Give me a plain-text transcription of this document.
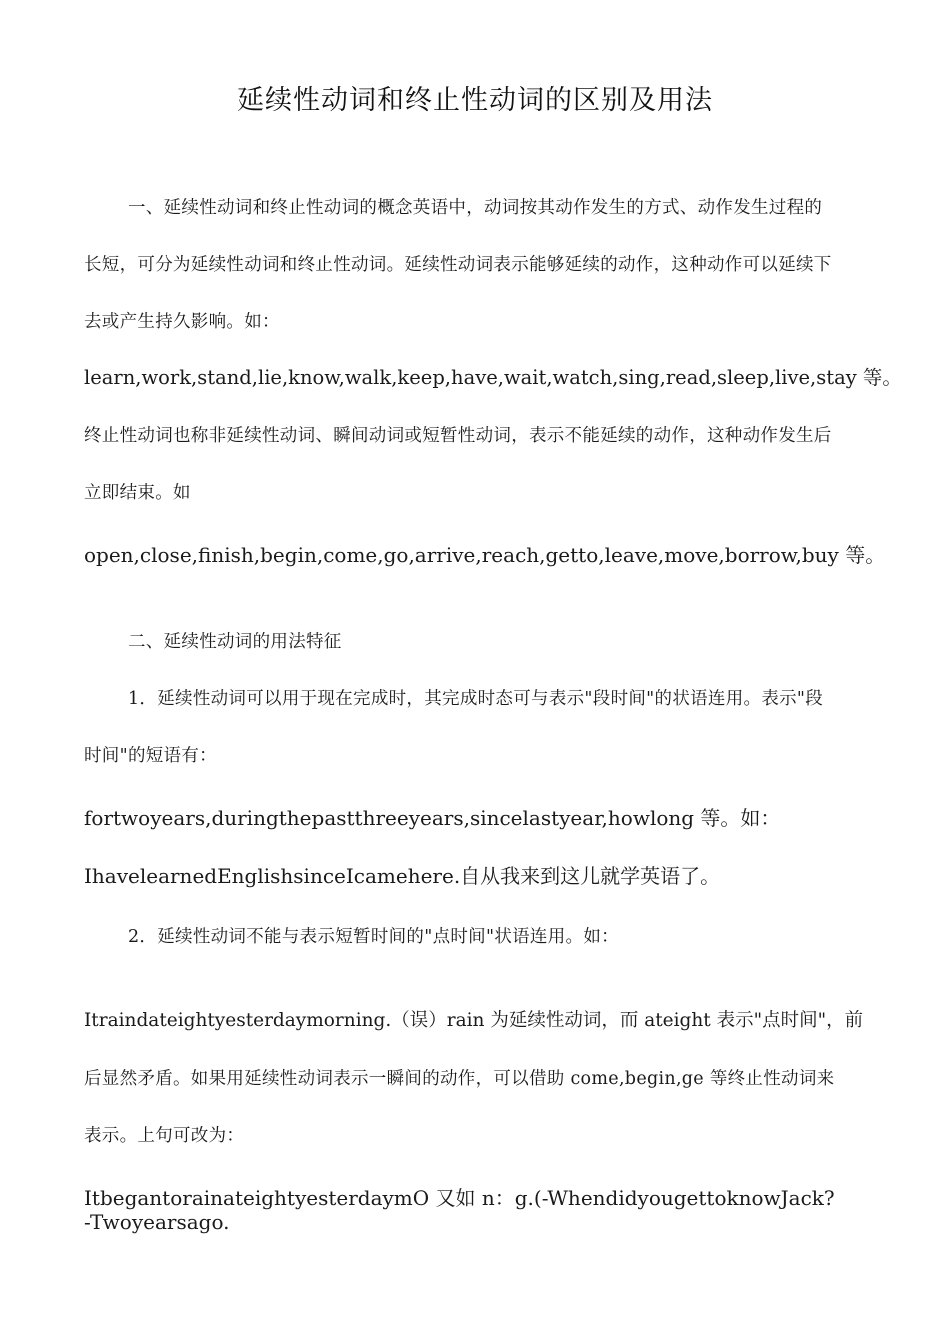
延续性动词和终止性动词的区别及用法
一、延续性动词和终止性动词的概念英语中，动词按其动作发生的方式、动作发生过程的
长短，可分为延续性动词和终止性动词。延续性动词表示能够延续的动作，这种动作可以延续下
去或产生持久影响。如：
learn,work,stand,lie,know,walk,keep,have,wait,watch,sing,read,sleep,live,stay 等。
终止性动词也称非延续性动词、瞬间动词或短暂性动词，表示不能延续的动作，这种动作发生后
立即结束。如
open,close,finish,begin,come,go,arrive,reach,getto,leave,move,borrow,buy 等。
二、延续性动词的用法特征
1．延续性动词可以用于现在完成时，其完成时态可与表示"段时间"的状语连用。表示"段
时间"的短语有：
fortwoyears,duringthepastthreeyears,sincelastyear,howlong 等。如：
IhavelearnedEnglishsinceIcamehere.自从我来到这儿就学英语了。
2．延续性动词不能与表示短暂时间的"点时间"状语连用。如：
Itraindateightyesterdaymorning.（误）rain 为延续性动词，而 ateight 表示"点时间"，前
后显然矛盾。如果用延续性动词表示一瞬间的动作，可以借助 come,begin,ge 等终止性动词来
表示。上句可改为：
ItbegantorainateightyesterdaymO 又如 n：g.(-WhendidyougettoknowJack?
-Twoyearsago.
